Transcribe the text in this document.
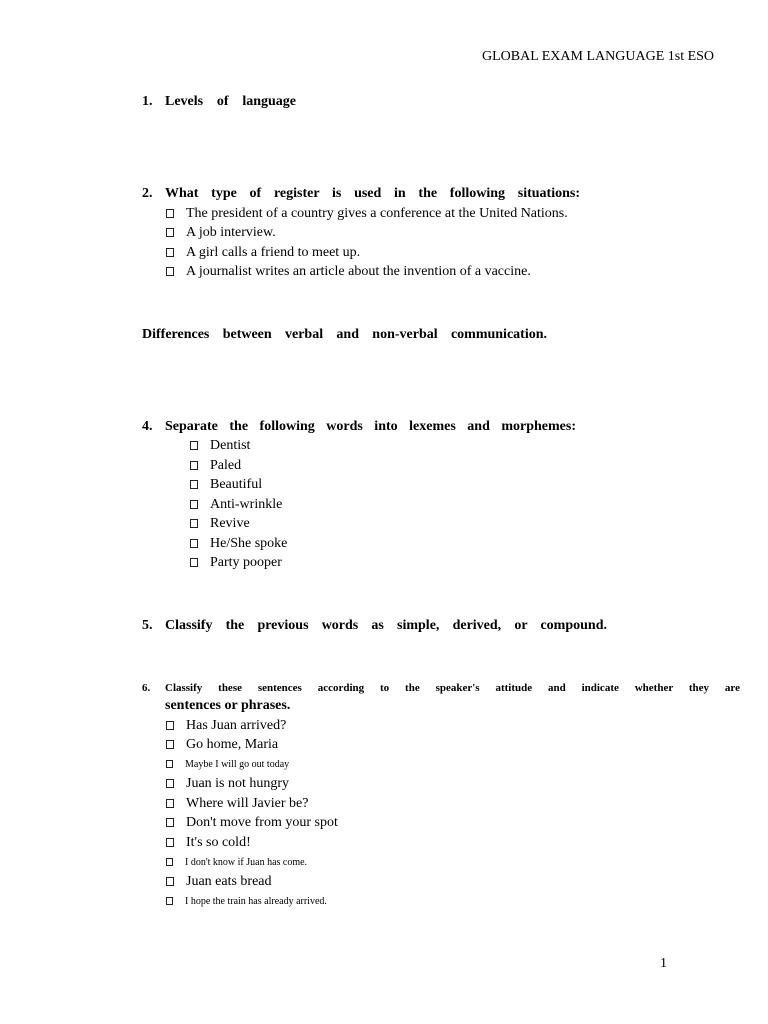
GLOBAL EXAM LANGUAGE 1st ESO
1. Levels of language
2. What type of register is used in the following situations:
The president of a country gives a conference at the United Nations.
A job interview.
A girl calls a friend to meet up.
A journalist writes an article about the invention of a vaccine.
Differences between verbal and non-verbal communication.
4. Separate the following words into lexemes and morphemes:
Dentist
Paled
Beautiful
Anti-wrinkle
Revive
He/She spoke
Party pooper
5. Classify the previous words as simple, derived, or compound.
6. Classify these sentences according to the speaker's attitude and indicate whether they are
sentences or phrases.
Has Juan arrived?
Go home, Maria
Maybe I will go out today
Juan is not hungry
Where will Javier be?
Don't move from your spot
It's so cold!
I don't know if Juan has come.
Juan eats bread
I hope the train has already arrived.
1
